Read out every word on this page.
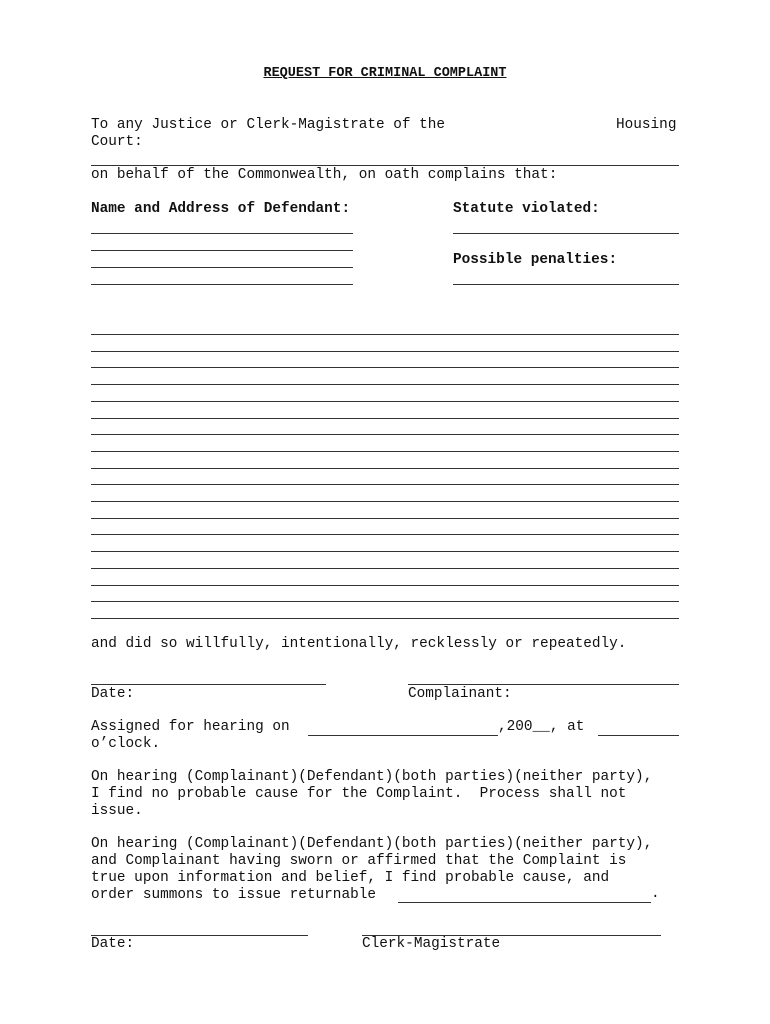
REQUEST FOR CRIMINAL COMPLAINT
To any Justice or Clerk-Magistrate of the	Housing
Court:
on behalf of the Commonwealth, on oath complains that:
Name and Address of Defendant:	Statute violated:
Possible penalties:
and did so willfully, intentionally, recklessly or repeatedly.
Date:	Complainant:
Assigned for hearing on	,200__, at
o’clock.
On hearing (Complainant)(Defendant)(both parties)(neither party),
I find no probable cause for the Complaint.  Process shall not
issue.
On hearing (Complainant)(Defendant)(both parties)(neither party),
and Complainant having sworn or affirmed that the Complaint is
true upon information and belief, I find probable cause, and
order summons to issue returnable	.
Date:	Clerk-Magistrate
